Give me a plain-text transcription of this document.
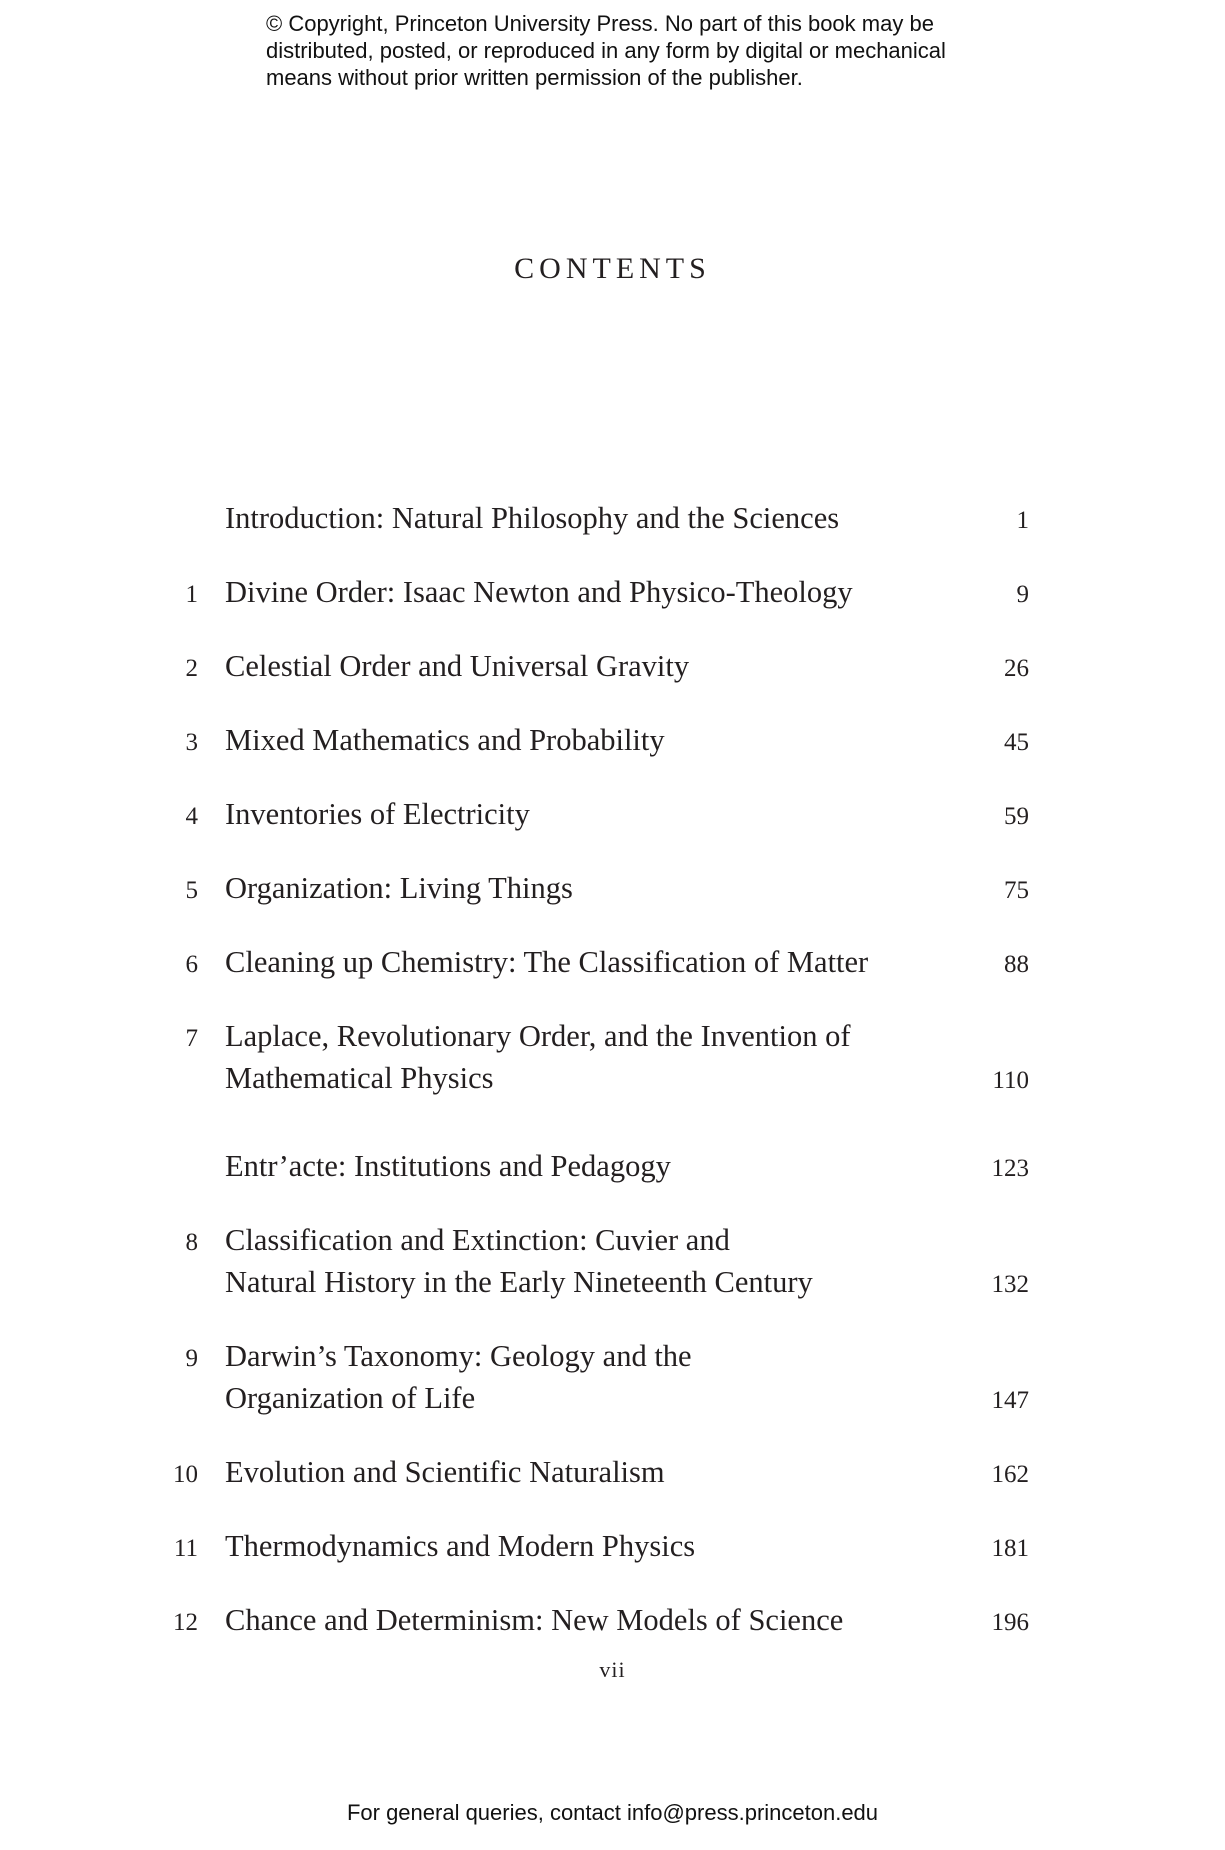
© Copyright, Princeton University Press. No part of this book may be
distributed, posted, or reproduced in any form by digital or mechanical
means without prior written permission of the publisher.
CONTENTS
Introduction: Natural Philosophy and the Sciences	1
1 Divine Order: Isaac Newton and Physico-Theology	9
2 Celestial Order and Universal Gravity	26
3 Mixed Mathematics and Probability	45
4 Inventories of Electricity	59
5 Organization: Living Things	75
6 Cleaning up Chemistry: The Classification of Matter	88
7 Laplace, Revolutionary Order, and the Invention of
Mathematical Physics	110
Entr’acte: Institutions and Pedagogy	123
8 Classification and Extinction: Cuvier and
Natural History in the Early Nineteenth Century	132
9 Darwin’s Taxonomy: Geology and the
Organization of Life	147
10 Evolution and Scientific Naturalism	162
11 Thermodynamics and Modern Physics	181
12 Chance and Determinism: New Models of Science	196
vii
For general queries, contact info@press.princeton.edu
